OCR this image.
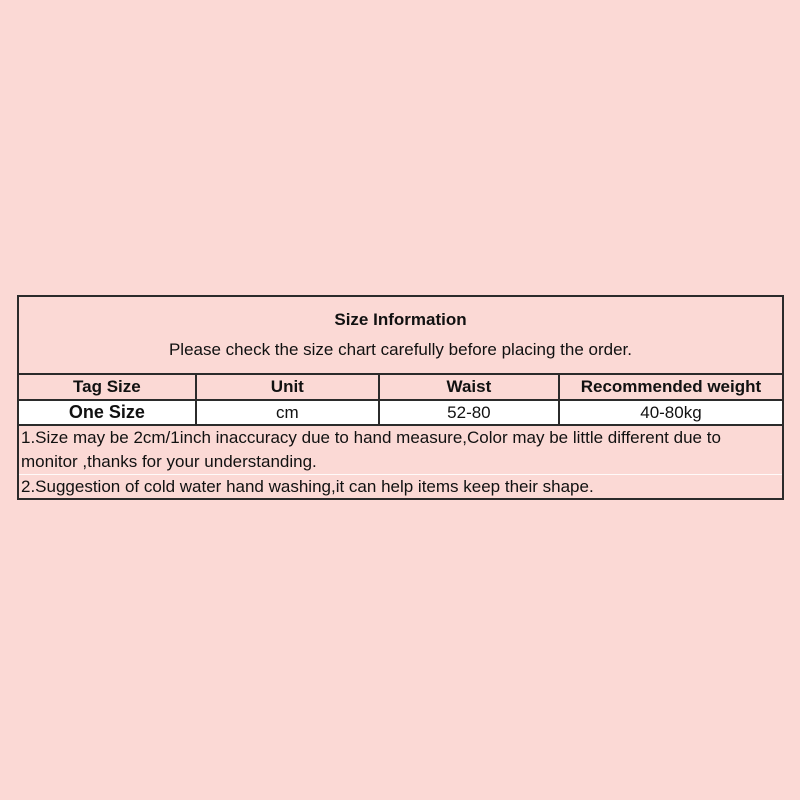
Size Information
Please check the size chart carefully before placing the order.
Tag Size	Unit	Waist	Recommended weight
One Size	cm	52-80	40-80kg
1.Size may be 2cm/1inch inaccuracy due to hand measure,Color may be little different due to monitor ,thanks for your understanding.
2.Suggestion of cold water hand washing,it can help items keep their shape.
